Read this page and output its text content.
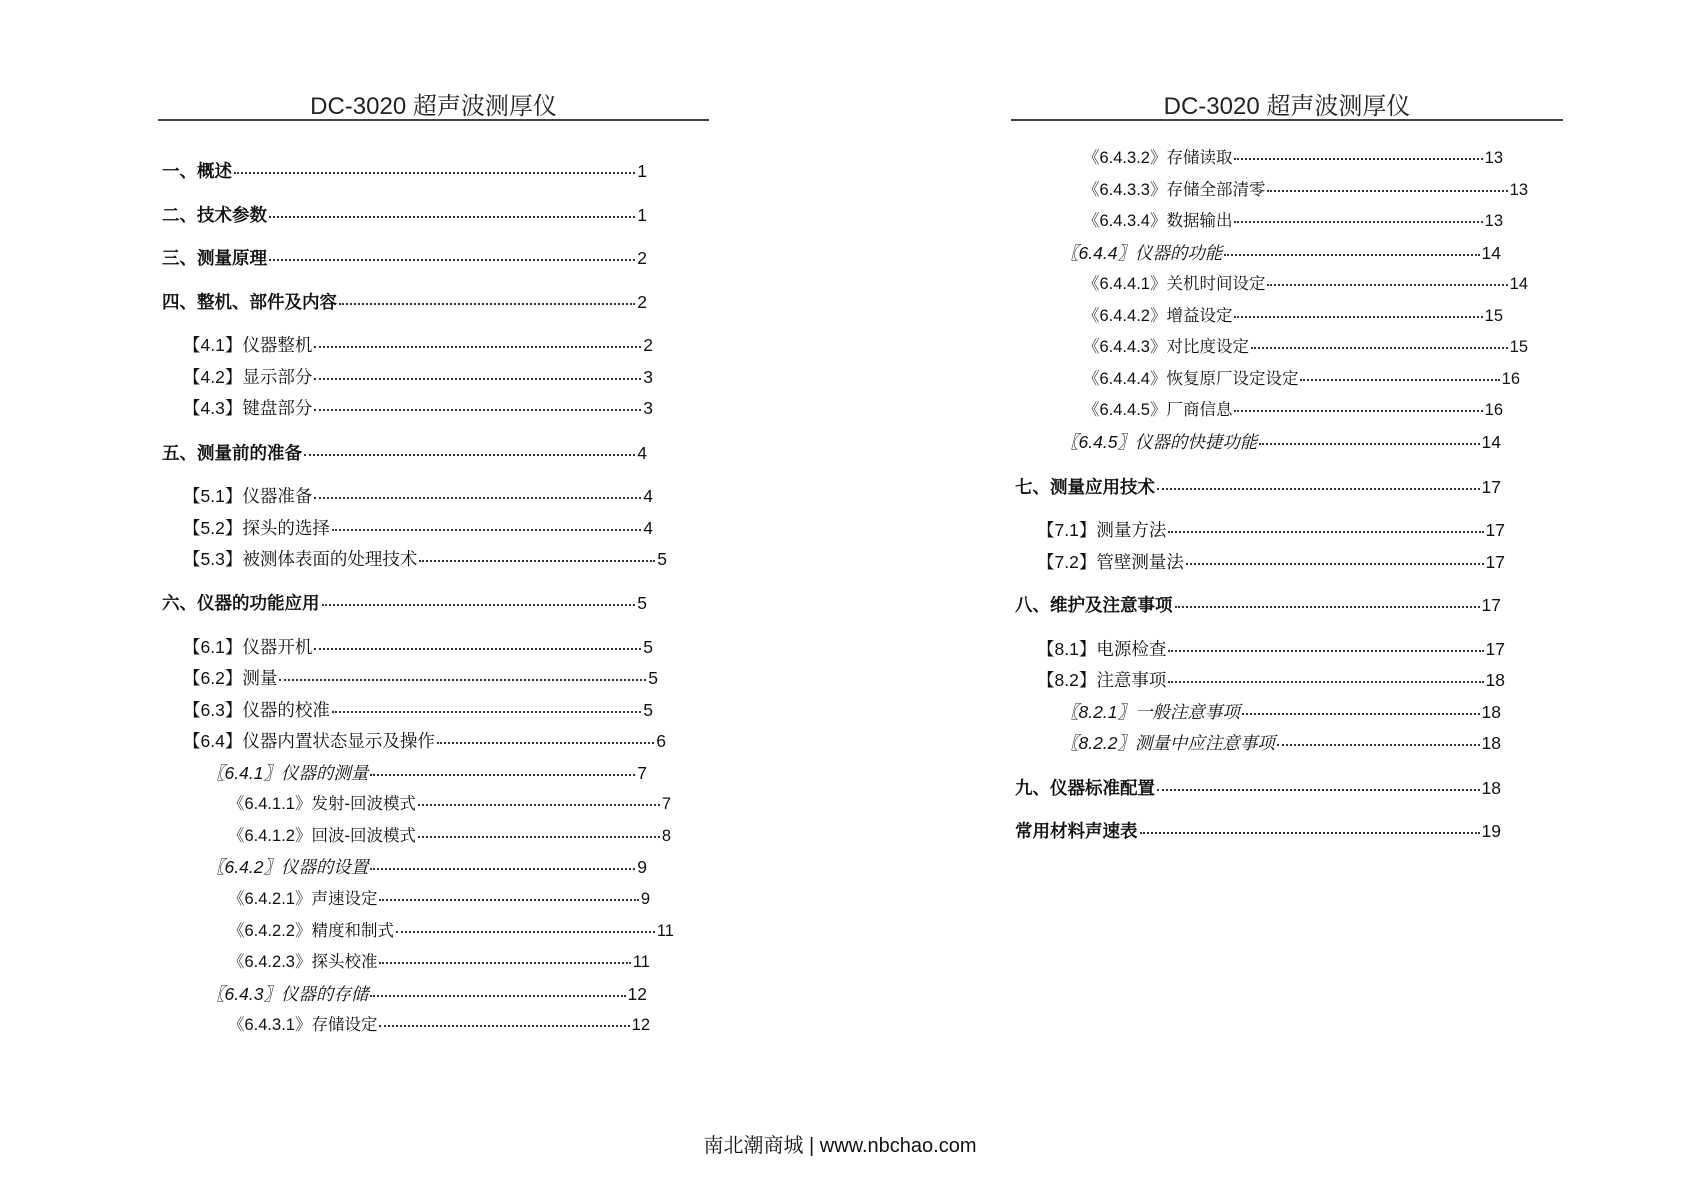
DC-3020 超声波测厚仪	DC-3020 超声波测厚仪
一、概述	1
二、技术参数	1
三、测量原理	2
四、整机、部件及内容	2
【4.1】仪器整机	2
【4.2】显示部分	3
【4.3】键盘部分	3
五、测量前的准备	4
【5.1】仪器准备	4
【5.2】探头的选择	4
【5.3】被测体表面的处理技术	5
六、仪器的功能应用	5
【6.1】仪器开机	5
【6.2】测量	5
【6.3】仪器的校准	5
【6.4】仪器内置状态显示及操作	6
〖6.4.1〗仪器的测量	7
《6.4.1.1》发射-回波模式	7
《6.4.1.2》回波-回波模式	8
〖6.4.2〗仪器的设置	9
《6.4.2.1》声速设定	9
《6.4.2.2》精度和制式	11
《6.4.2.3》探头校准	11
〖6.4.3〗仪器的存储	12
《6.4.3.1》存储设定	12
《6.4.3.2》存储读取	13
《6.4.3.3》存储全部清零	13
《6.4.3.4》数据输出	13
〖6.4.4〗仪器的功能	14
《6.4.4.1》关机时间设定	14
《6.4.4.2》增益设定	15
《6.4.4.3》对比度设定	15
《6.4.4.4》恢复原厂设定设定	16
《6.4.4.5》厂商信息	16
〖6.4.5〗仪器的快捷功能	14
七、测量应用技术	17
【7.1】测量方法	17
【7.2】管壁测量法	17
八、维护及注意事项	17
【8.1】电源检查	17
【8.2】注意事项	18
〖8.2.1〗一般注意事项	18
〖8.2.2〗测量中应注意事项	18
九、仪器标准配置	18
常用材料声速表	19
南北潮商城 | www.nbchao.com
